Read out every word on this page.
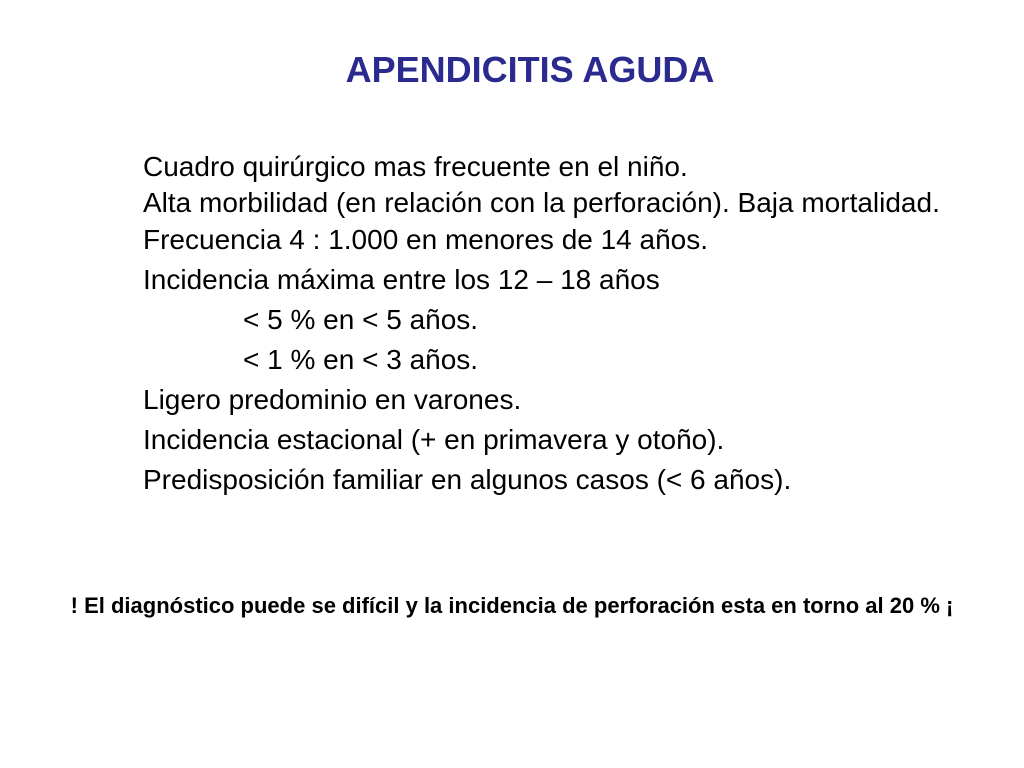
APENDICITIS AGUDA

Cuadro quirúrgico mas frecuente en el niño.

Alta morbilidad (en relación con la perforación). Baja mortalidad.

Frecuencia 4 : 1.000 en menores de 14 años.

Incidencia máxima entre los 12 – 18 años

< 5 % en < 5 años.

< 1 % en < 3 años.

Ligero predominio en varones.

Incidencia estacional (+ en primavera y otoño).

Predisposición familiar en algunos casos (< 6 años).

! El diagnóstico puede se difícil y la incidencia de perforación esta en torno al 20 % ¡
